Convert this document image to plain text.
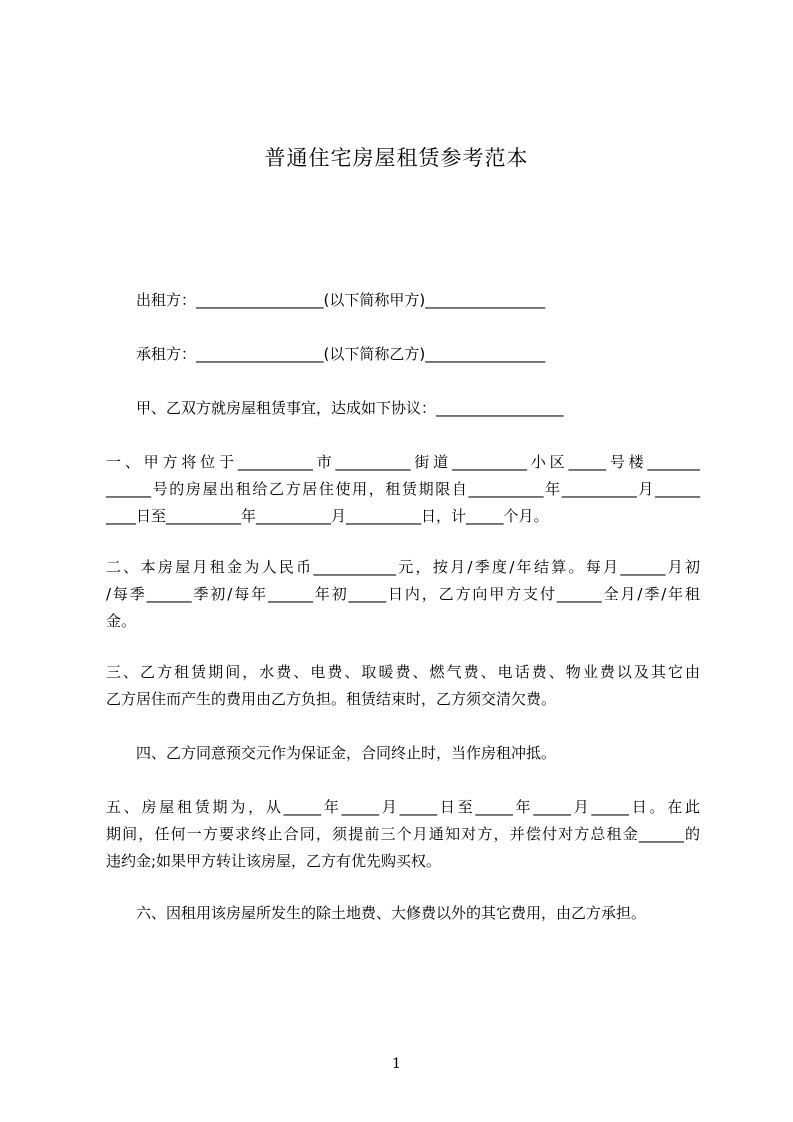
普通住宅房屋租赁参考范本
出租方：_________________(以下简称甲方)________________
承租方：_________________(以下简称乙方)________________
甲、乙双方就房屋租赁事宜，达成如下协议：_________________
一、甲方将位于__________市__________街道__________小区_____号楼_______
______号的房屋出租给乙方居住使用，租赁期限自__________年__________月______
____日至__________年__________月__________日，计_____个月。
二、本房屋月租金为人民币___________元，按月/季度/年结算。每月______月初
/每季______季初/每年______年初_____日内，乙方向甲方支付______全月/季/年租
金。
三、乙方租赁期间，水费、电费、取暖费、燃气费、电话费、物业费以及其它由
乙方居住而产生的费用由乙方负担。租赁结束时，乙方须交清欠费。
四、乙方同意预交元作为保证金，合同终止时，当作房租冲抵。
五、房屋租赁期为，从_____年_____月_____日至_____年_____月_____日。在此
期间，任何一方要求终止合同，须提前三个月通知对方，并偿付对方总租金______的
违约金;如果甲方转让该房屋，乙方有优先购买权。
六、因租用该房屋所发生的除土地费、大修费以外的其它费用，由乙方承担。
1
